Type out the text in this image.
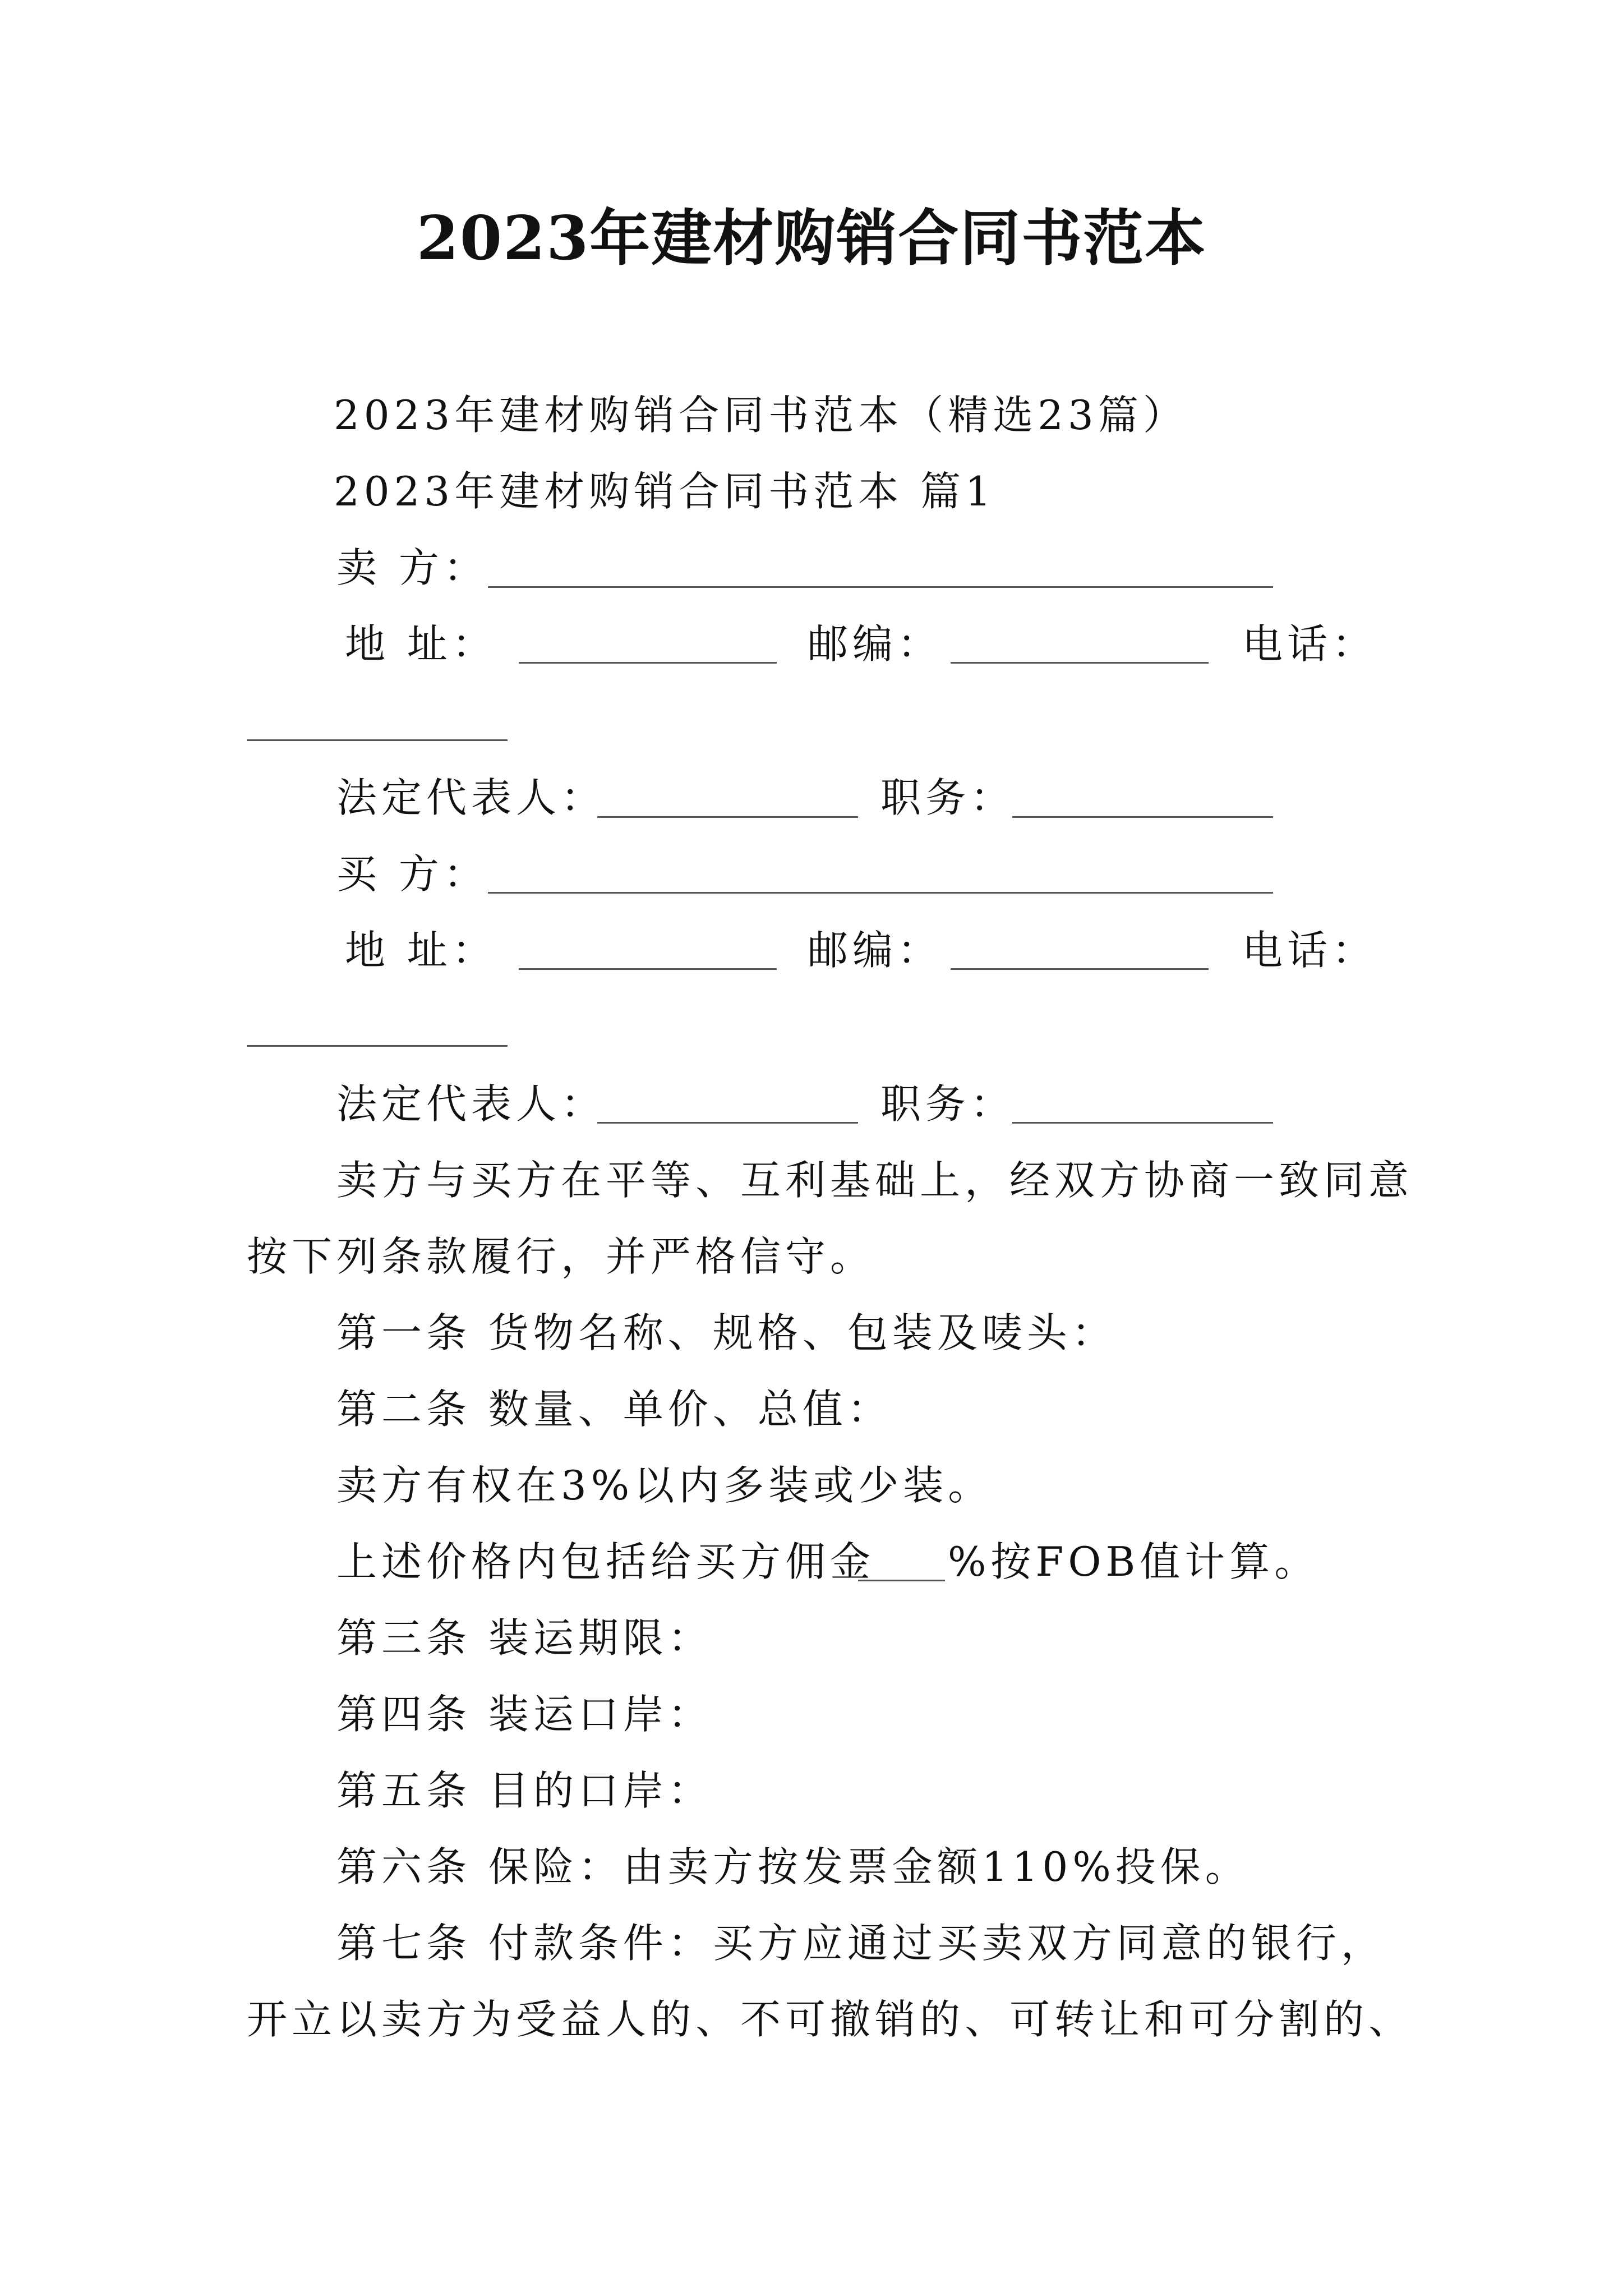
2023年建材购销合同书范本
2023年建材购销合同书范本（精选23篇）
2023年建材购销合同书范本 篇1
卖 方：
地 址：	邮编：	电话：
法定代表人：	职务：
买 方：
地 址：	邮编：	电话：
法定代表人：	职务：
卖方与买方在平等、互利基础上，经双方协商一致同意
按下列条款履行，并严格信守。
第一条 货物名称、规格、包装及唛头：
第二条 数量、单价、总值：
卖方有权在3%以内多装或少装。
上述价格内包括给买方佣金 %按FOB值计算。
第三条 装运期限：
第四条 装运口岸：
第五条 目的口岸：
第六条 保险：由卖方按发票金额110%投保。
第七条 付款条件：买方应通过买卖双方同意的银行，
开立以卖方为受益人的、不可撤销的、可转让和可分割的、
